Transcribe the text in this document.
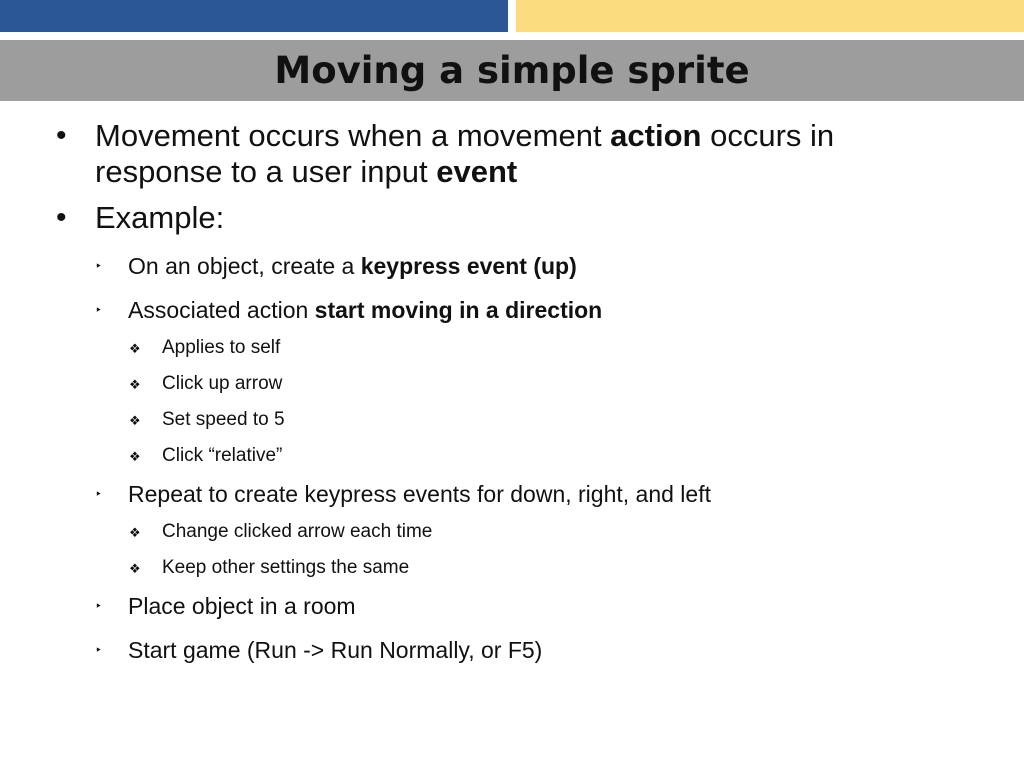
Moving a simple sprite
• Movement occurs when a movement action occurs in response to a user input event
• Example:
‣ On an object, create a keypress event (up)
‣ Associated action start moving in a direction
❖ Applies to self
❖ Click up arrow
❖ Set speed to 5
❖ Click “relative”
‣ Repeat to create keypress events for down, right, and left
❖ Change clicked arrow each time
❖ Keep other settings the same
‣ Place object in a room
‣ Start game (Run -> Run Normally, or F5)
